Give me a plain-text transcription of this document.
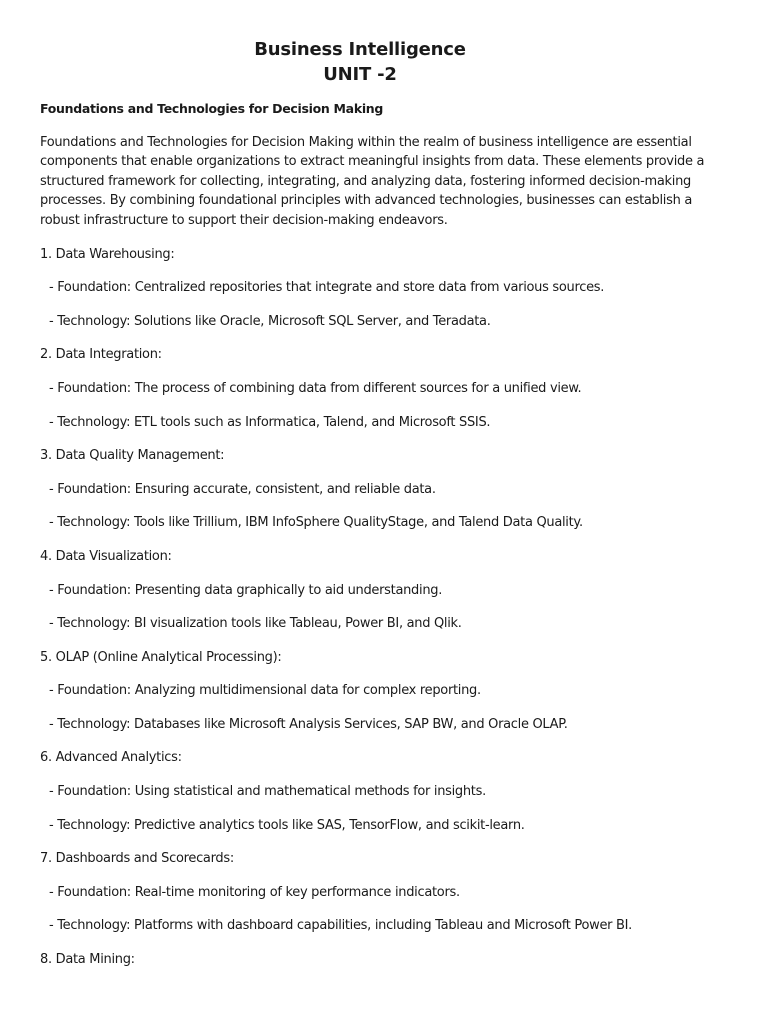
Business Intelligence
UNIT -2
Foundations and Technologies for Decision Making
Foundations and Technologies for Decision Making within the realm of business intelligence are essential components that enable organizations to extract meaningful insights from data. These elements provide a structured framework for collecting, integrating, and analyzing data, fostering informed decision-making processes. By combining foundational principles with advanced technologies, businesses can establish a robust infrastructure to support their decision-making endeavors.
1. Data Warehousing:
- Foundation: Centralized repositories that integrate and store data from various sources.
- Technology: Solutions like Oracle, Microsoft SQL Server, and Teradata.
2. Data Integration:
- Foundation: The process of combining data from different sources for a unified view.
- Technology: ETL tools such as Informatica, Talend, and Microsoft SSIS.
3. Data Quality Management:
- Foundation: Ensuring accurate, consistent, and reliable data.
- Technology: Tools like Trillium, IBM InfoSphere QualityStage, and Talend Data Quality.
4. Data Visualization:
- Foundation: Presenting data graphically to aid understanding.
- Technology: BI visualization tools like Tableau, Power BI, and Qlik.
5. OLAP (Online Analytical Processing):
- Foundation: Analyzing multidimensional data for complex reporting.
- Technology: Databases like Microsoft Analysis Services, SAP BW, and Oracle OLAP.
6. Advanced Analytics:
- Foundation: Using statistical and mathematical methods for insights.
- Technology: Predictive analytics tools like SAS, TensorFlow, and scikit-learn.
7. Dashboards and Scorecards:
- Foundation: Real-time monitoring of key performance indicators.
- Technology: Platforms with dashboard capabilities, including Tableau and Microsoft Power BI.
8. Data Mining:
